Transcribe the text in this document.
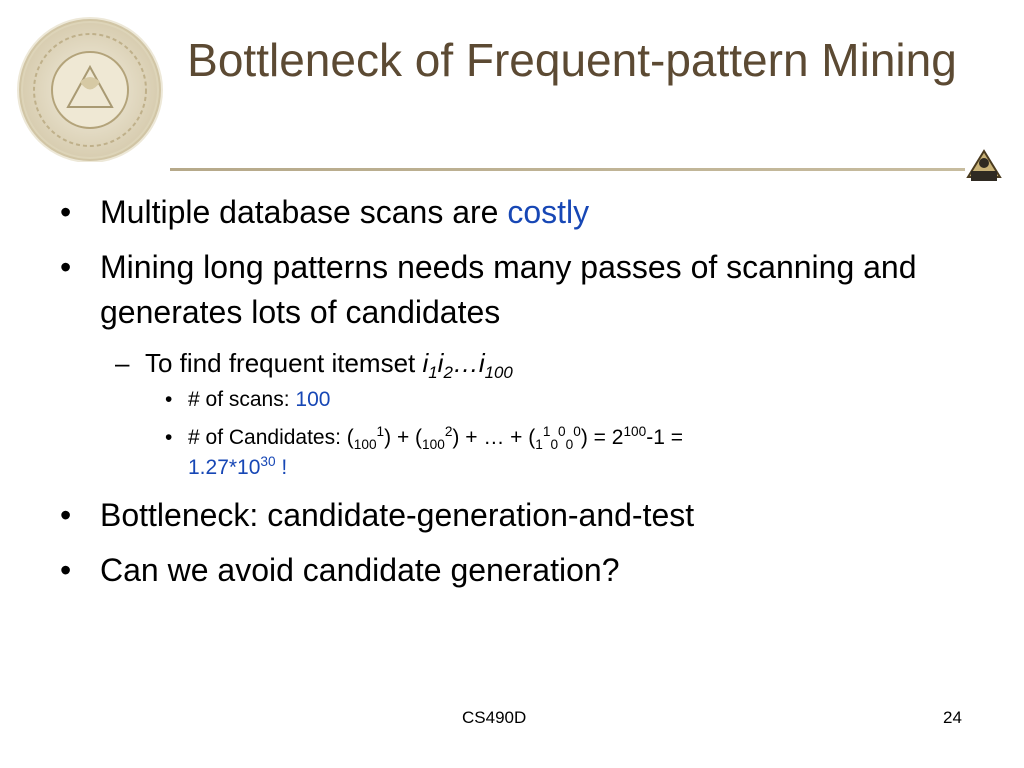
Bottleneck of Frequent-pattern Mining
• Multiple database scans are costly
• Mining long patterns needs many passes of scanning and generates lots of candidates
– To find frequent itemset $i_1i_2\dots i_{100}$
• # of scans: 100
• # of Candidates: $(_{100}^1) + (_{100}^2)$ + … + $(_1^1_0^0_0^0) = 2^{100}-1$ =
$1.27*10^{30}$ !
• Bottleneck: candidate-generation-and-test
• Can we avoid candidate generation?
CS490D	24
